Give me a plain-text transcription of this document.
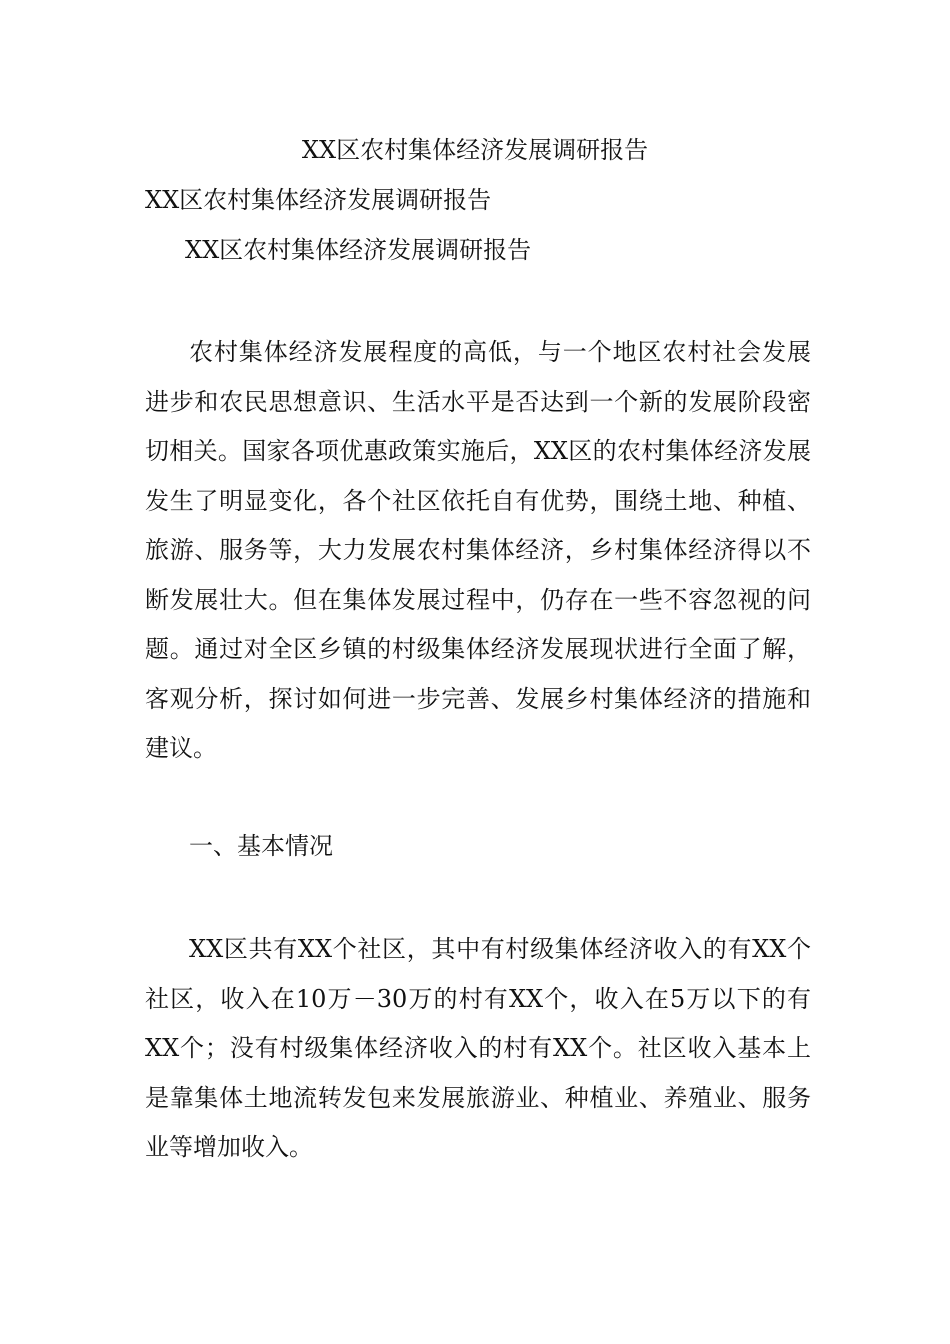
XX区农村集体经济发展调研报告
XX区农村集体经济发展调研报告
XX区农村集体经济发展调研报告

农村集体经济发展程度的高低，与一个地区农村社会发展进步和农民思想意识、生活水平是否达到一个新的发展阶段密切相关。国家各项优惠政策实施后，XX区的农村集体经济发展发生了明显变化，各个社区依托自有优势，围绕土地、种植、旅游、服务等，大力发展农村集体经济，乡村集体经济得以不断发展壮大。但在集体发展过程中，仍存在一些不容忽视的问题。通过对全区乡镇的村级集体经济发展现状进行全面了解，客观分析，探讨如何进一步完善、发展乡村集体经济的措施和建议。

一、基本情况

XX区共有XX个社区，其中有村级集体经济收入的有XX个社区，收入在10万－30万的村有XX个，收入在5万以下的有XX个；没有村级集体经济收入的村有XX个。社区收入基本上是靠集体土地流转发包来发展旅游业、种植业、养殖业、服务业等增加收入。
